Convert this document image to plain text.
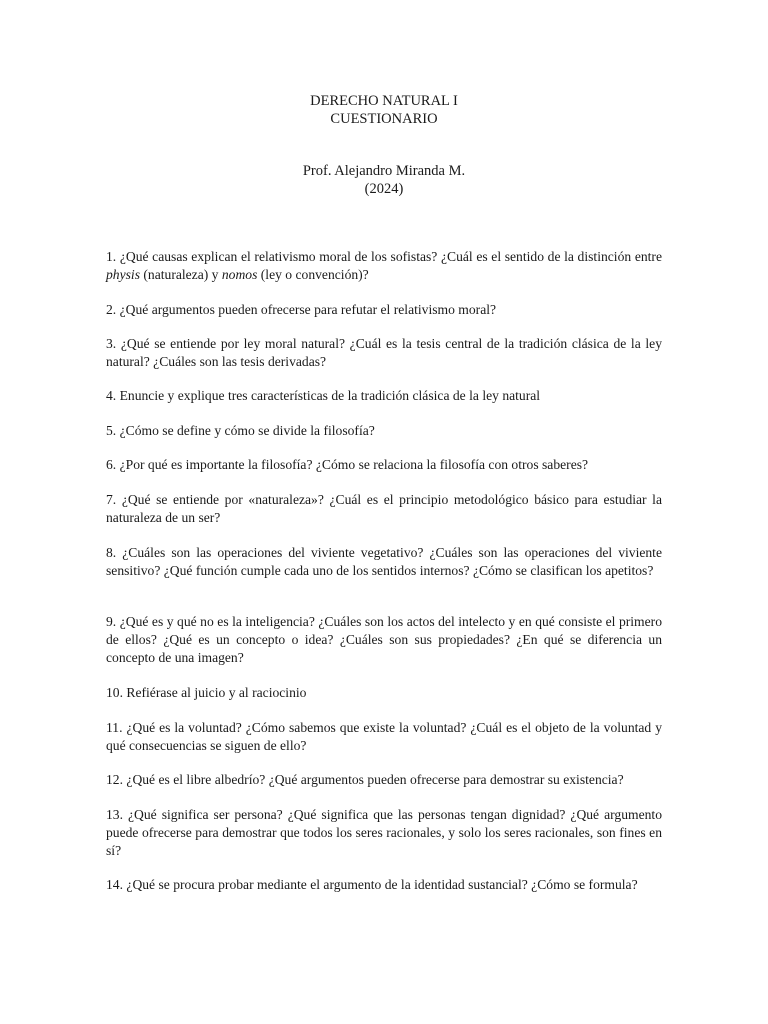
DERECHO NATURAL I
CUESTIONARIO
Prof. Alejandro Miranda M.
(2024)

1. ¿Qué causas explican el relativismo moral de los sofistas? ¿Cuál es el sentido de la distinción entre physis (naturaleza) y nomos (ley o convención)?

2. ¿Qué argumentos pueden ofrecerse para refutar el relativismo moral?

3. ¿Qué se entiende por ley moral natural? ¿Cuál es la tesis central de la tradición clásica de la ley natural? ¿Cuáles son las tesis derivadas?

4. Enuncie y explique tres características de la tradición clásica de la ley natural

5. ¿Cómo se define y cómo se divide la filosofía?

6. ¿Por qué es importante la filosofía? ¿Cómo se relaciona la filosofía con otros saberes?

7. ¿Qué se entiende por «naturaleza»? ¿Cuál es el principio metodológico básico para estudiar la naturaleza de un ser?

8. ¿Cuáles son las operaciones del viviente vegetativo? ¿Cuáles son las operaciones del viviente sensitivo? ¿Qué función cumple cada uno de los sentidos internos? ¿Cómo se clasifican los apetitos?

9. ¿Qué es y qué no es la inteligencia? ¿Cuáles son los actos del intelecto y en qué consiste el primero de ellos? ¿Qué es un concepto o idea? ¿Cuáles son sus propiedades? ¿En qué se diferencia un concepto de una imagen?

10. Refiérase al juicio y al raciocinio

11. ¿Qué es la voluntad? ¿Cómo sabemos que existe la voluntad? ¿Cuál es el objeto de la voluntad y qué consecuencias se siguen de ello?

12. ¿Qué es el libre albedrío? ¿Qué argumentos pueden ofrecerse para demostrar su existencia?

13. ¿Qué significa ser persona? ¿Qué significa que las personas tengan dignidad? ¿Qué argumento puede ofrecerse para demostrar que todos los seres racionales, y solo los seres racionales, son fines en sí?

14. ¿Qué se procura probar mediante el argumento de la identidad sustancial? ¿Cómo se formula?
